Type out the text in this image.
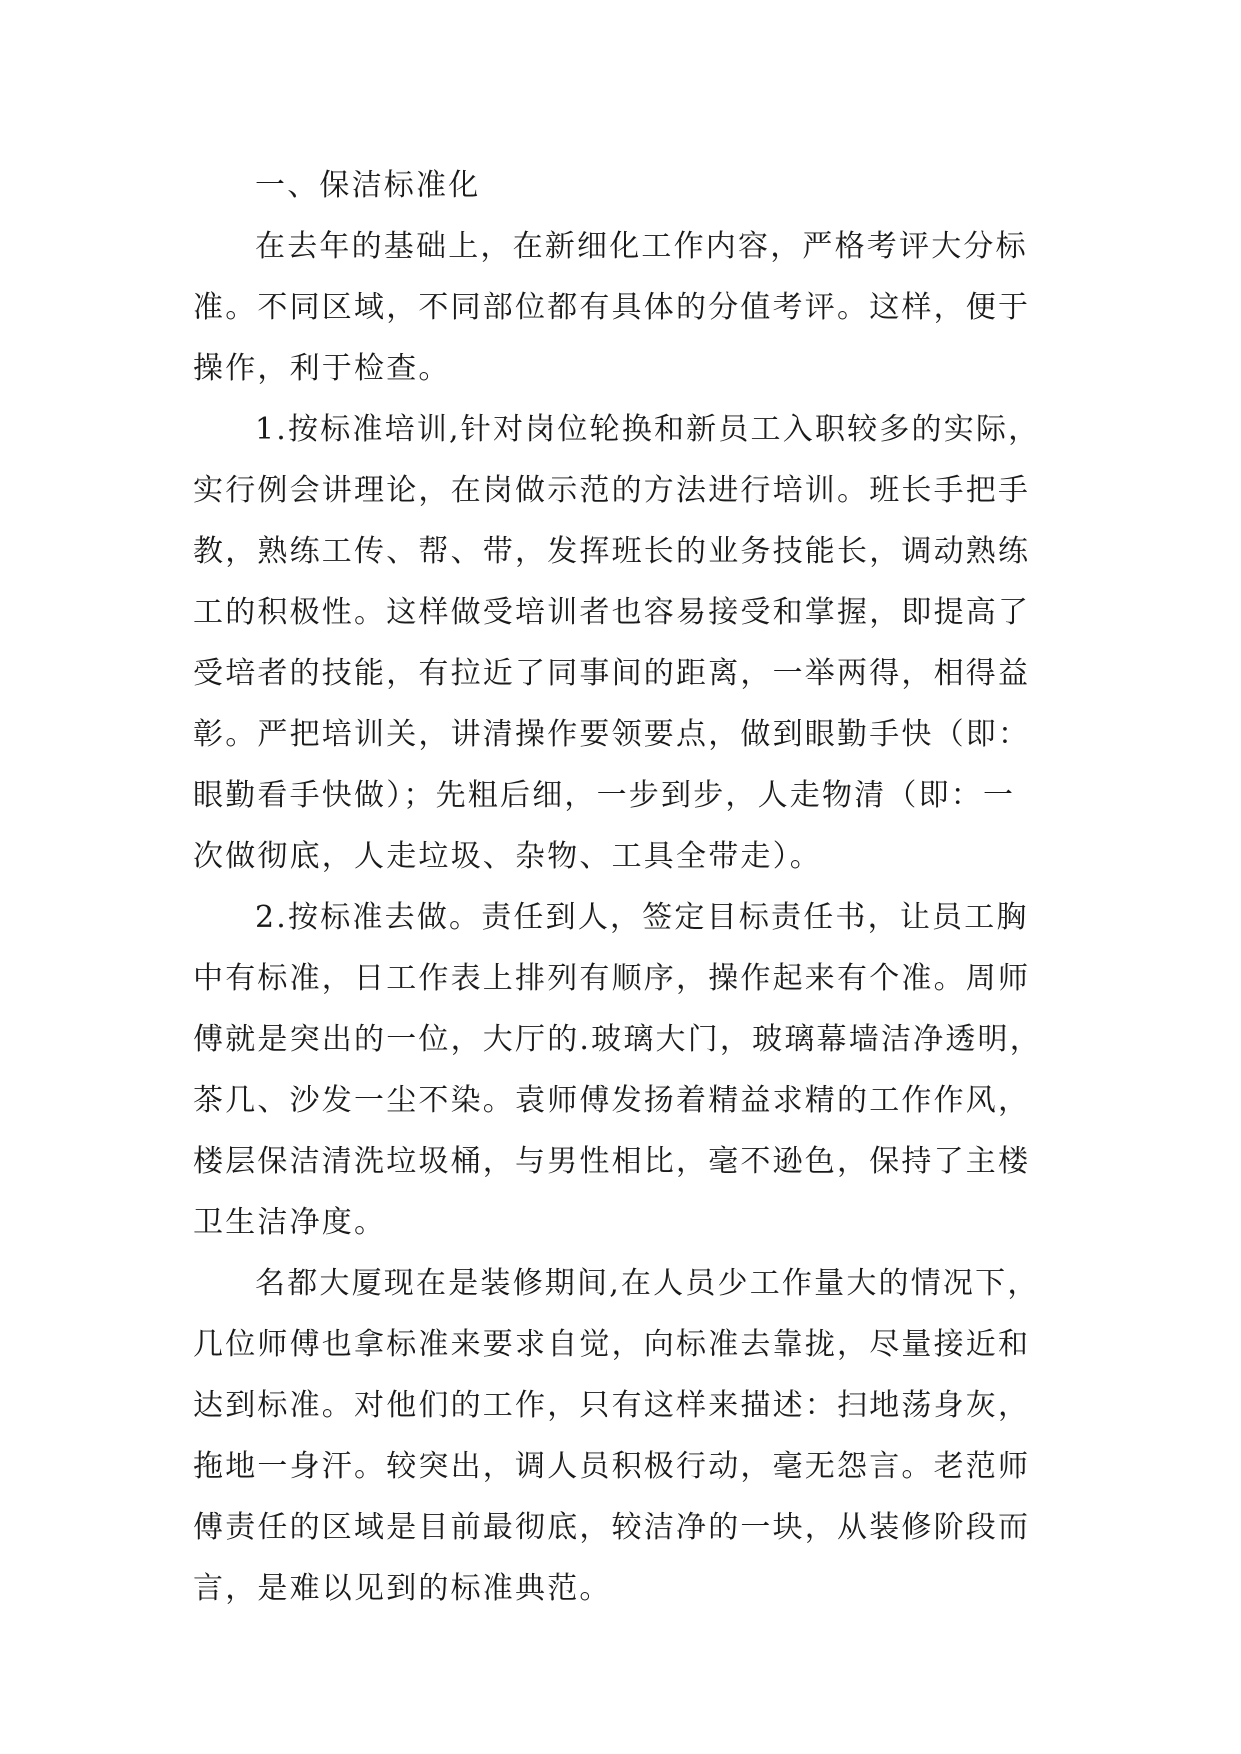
一、保洁标准化
在去年的基础上，在新细化工作内容，严格考评大分标
准。不同区域，不同部位都有具体的分值考评。这样，便于
操作，利于检查。
1.按标准培训,针对岗位轮换和新员工入职较多的实际，
实行例会讲理论，在岗做示范的方法进行培训。班长手把手
教，熟练工传、帮、带，发挥班长的业务技能长，调动熟练
工的积极性。这样做受培训者也容易接受和掌握，即提高了
受培者的技能，有拉近了同事间的距离，一举两得，相得益
彰。严把培训关，讲清操作要领要点，做到眼勤手快（即：
眼勤看手快做）；先粗后细，一步到步，人走物清（即：一
次做彻底，人走垃圾、杂物、工具全带走）。
2.按标准去做。责任到人，签定目标责任书，让员工胸
中有标准，日工作表上排列有顺序，操作起来有个准。周师
傅就是突出的一位，大厅的.玻璃大门，玻璃幕墙洁净透明，
茶几、沙发一尘不染。袁师傅发扬着精益求精的工作作风，
楼层保洁清洗垃圾桶，与男性相比，毫不逊色，保持了主楼
卫生洁净度。
名都大厦现在是装修期间,在人员少工作量大的情况下，
几位师傅也拿标准来要求自觉，向标准去靠拢，尽量接近和
达到标准。对他们的工作，只有这样来描述：扫地荡身灰，
拖地一身汗。较突出，调人员积极行动，毫无怨言。老范师
傅责任的区域是目前最彻底，较洁净的一块，从装修阶段而
言，是难以见到的标准典范。
